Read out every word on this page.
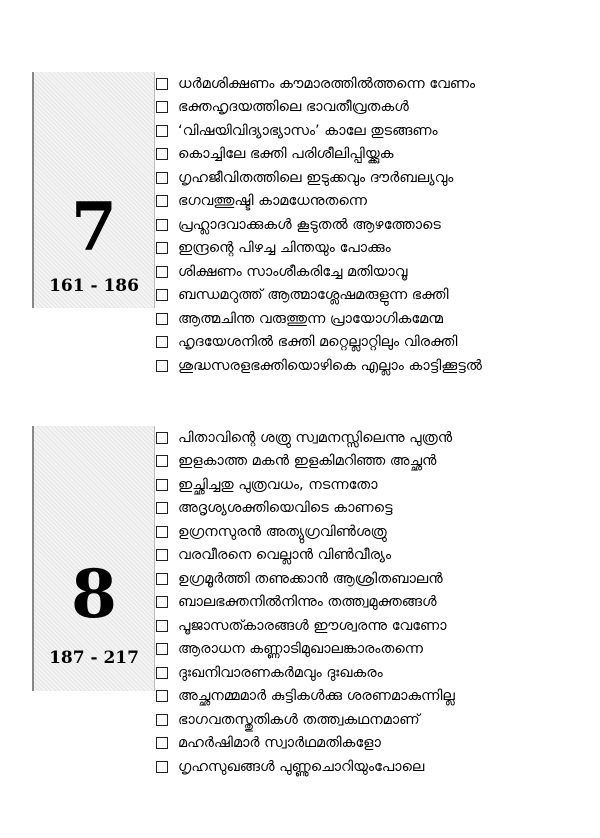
7
161 - 186
ധർമശിക്ഷണം കൗമാരത്തിൽത്തന്നെ വേണം
ഭക്തഹൃദയത്തിലെ ഭാവതീവ്രതകൾ
‘വിഷയിവിദ്യാഭ്യാസം’ കാലേ തുടങ്ങണം
കൊച്ചിലേ ഭക്തി പരിശീലിപ്പിയ്ക്കുക
ഗൃഹജീവിതത്തിലെ ഇടുക്കവും ദൗർബല്യവും
ഭഗവത്തുഷ്ടി കാമധേനുതന്നെ
പ്രഹ്ലാദവാക്കുകൾ കൂടുതൽ ആഴത്തോടെ
ഇന്ദ്രന്റെ പിഴച്ച ചിന്തയും പോക്കും
ശിക്ഷണം സാംശീകരിച്ചേ മതിയാവൂ
ബന്ധമറുത്ത് ആത്മാശ്ലേഷമരുളുന്ന ഭക്തി
ആത്മചിന്ത വരുത്തുന്ന പ്രായോഗികമേന്മ
ഹൃദയേശനിൽ ഭക്തി മറ്റെല്ലാറ്റിലും വിരക്തി
ശുദ്ധസരളഭക്തിയൊഴികെ എല്ലാം കാട്ടിക്കൂട്ടൽ
8
187 - 217
പിതാവിന്റെ ശത്രു സ്വമനസ്സിലെന്നു പുത്രൻ
ഇളകാത്ത മകൻ ഇളകിമറിഞ്ഞ അച്ഛൻ
ഇച്ഛിച്ചതു പുത്രവധം, നടന്നതോ
അദൃശ്യശക്തിയെവിടെ കാണട്ടെ
ഉഗ്രനസുരൻ അത്യുഗ്രവിൺശത്രു
വരവീരനെ വെല്ലാൻ വിൺവീര്യം
ഉഗ്രമൂർത്തി തണുക്കാൻ ആശ്രിതബാലൻ
ബാലഭക്തനിൽനിന്നും തത്ത്വമുക്തങ്ങൾ
പൂജാസത്കാരങ്ങൾ ഈശ്വരന്നു വേണോ
ആരാധന കണ്ണാടിമുഖാലങ്കാരംതന്നെ
ദുഃഖനിവാരണകർമവും ദുഃഖകരം
അച്ഛനമ്മമാർ കുട്ടികൾക്കു ശരണമാകുന്നില്ല
ഭാഗവതസ്തുതികൾ തത്ത്വകഥനമാണ്
മഹർഷിമാർ സ്വാർഥമതികളോ
ഗൃഹസുഖങ്ങൾ പുണ്ണുചൊറിയുംപോലെ
